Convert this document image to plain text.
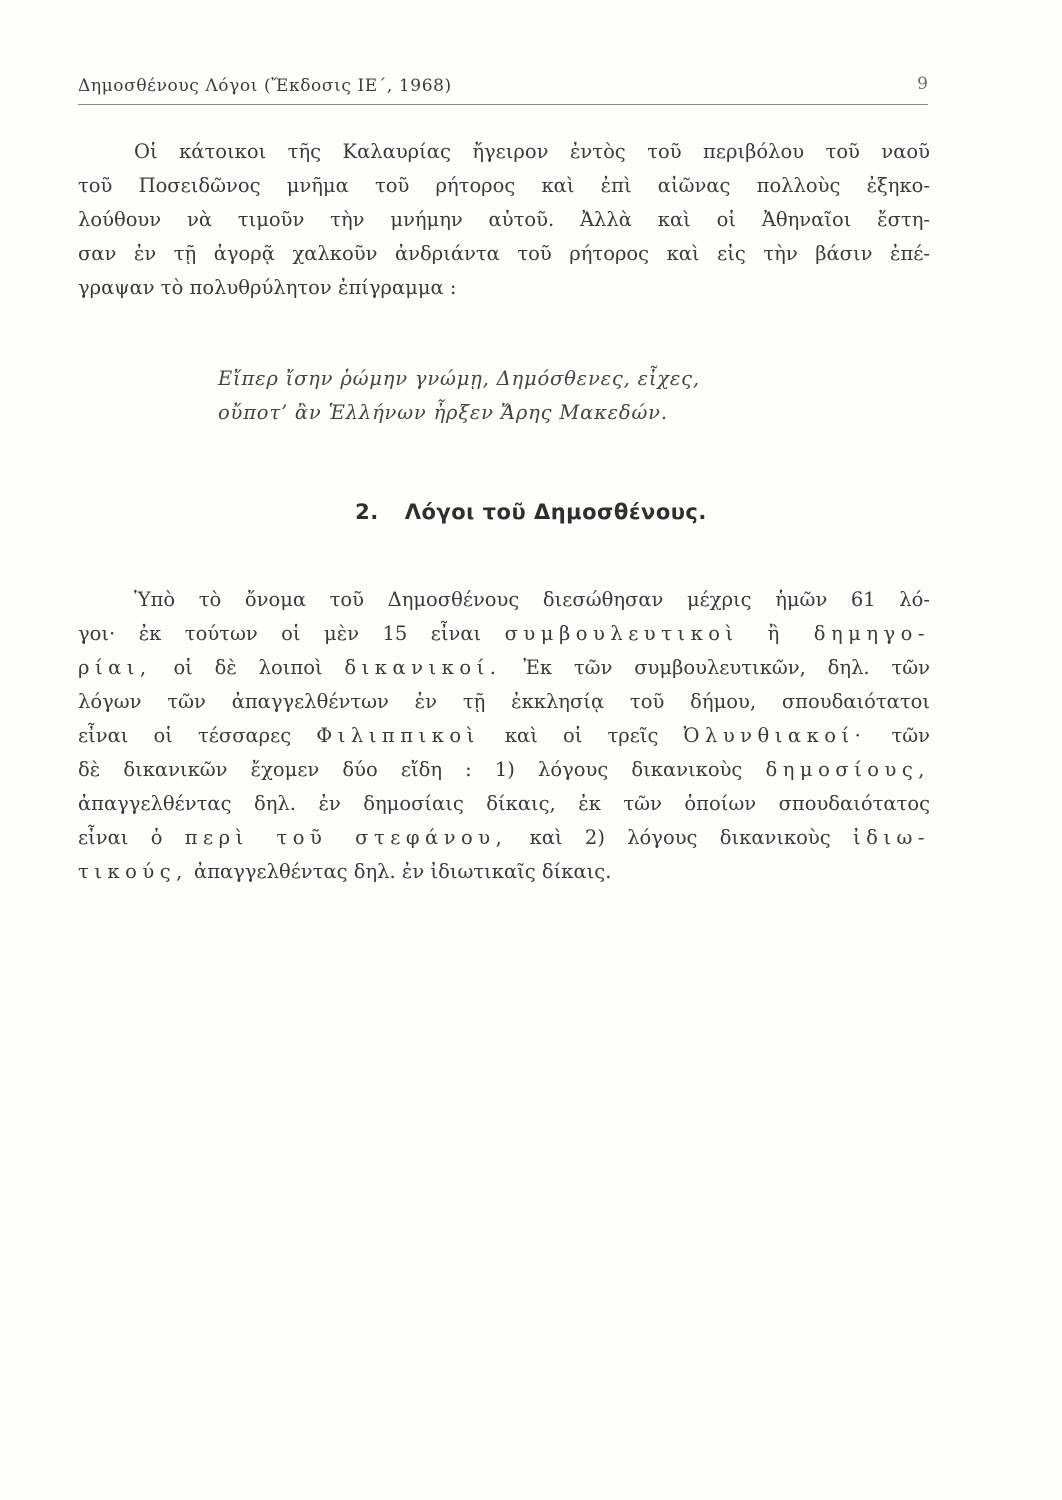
Δημοσθένους Λόγοι (Ἔκδοσις ΙΕ΄, 1968)	9
Οἱ κάτοικοι τῆς Καλαυρίας ἤγειρον ἐντὸς τοῦ περιβόλου τοῦ ναοῦ
τοῦ Ποσειδῶνος μνῆμα τοῦ ρήτορος καὶ ἐπὶ αἰῶνας πολλοὺς ἐξηκο-
λούθουν νὰ τιμοῦν τὴν μνήμην αὐτοῦ. Ἀλλὰ καὶ οἱ Ἀθηναῖοι ἔστη-
σαν ἐν τῇ ἀγορᾷ χαλκοῦν ἀνδριάντα τοῦ ρήτορος καὶ εἰς τὴν βάσιν ἐπέ-
γραψαν τὸ πολυθρύλητον ἐπίγραμμα :
Εἴπερ ἴσην ῥώμην γνώμῃ, Δημόσθενες, εἶχες,
οὔποτ’ ἂν Ἑλλήνων ἦρξεν Ἄρης Μακεδών.
2. Λόγοι τοῦ Δημοσθένους.
Ὑπὸ τὸ ὄνομα τοῦ Δημοσθένους διεσώθησαν μέχρις ἡμῶν 61 λό-
γοι· ἐκ τούτων οἱ μὲν 15 εἶναι συμβουλευτικοὶ ἢ δημηγο-
ρίαι, οἱ δὲ λοιποὶ δικανικοί. Ἐκ τῶν συμβουλευτικῶν, δηλ. τῶν
λόγων τῶν ἀπαγγελθέντων ἐν τῇ ἐκκλησίᾳ τοῦ δήμου, σπουδαιότατοι
εἶναι οἱ τέσσαρες Φιλιππικοὶ καὶ οἱ τρεῖς Ὀλυνθιακοί· τῶν
δὲ δικανικῶν ἔχομεν δύο εἴδη : 1) λόγους δικανικοὺς δημοσίους,
ἀπαγγελθέντας δηλ. ἐν δημοσίαις δίκαις, ἐκ τῶν ὁποίων σπουδαιότατος
εἶναι ὁ περὶ τοῦ στεφάνου, καὶ 2) λόγους δικανικοὺς ἰδιω-
τικούς, ἀπαγγελθέντας δηλ. ἐν ἰδιωτικαῖς δίκαις.
